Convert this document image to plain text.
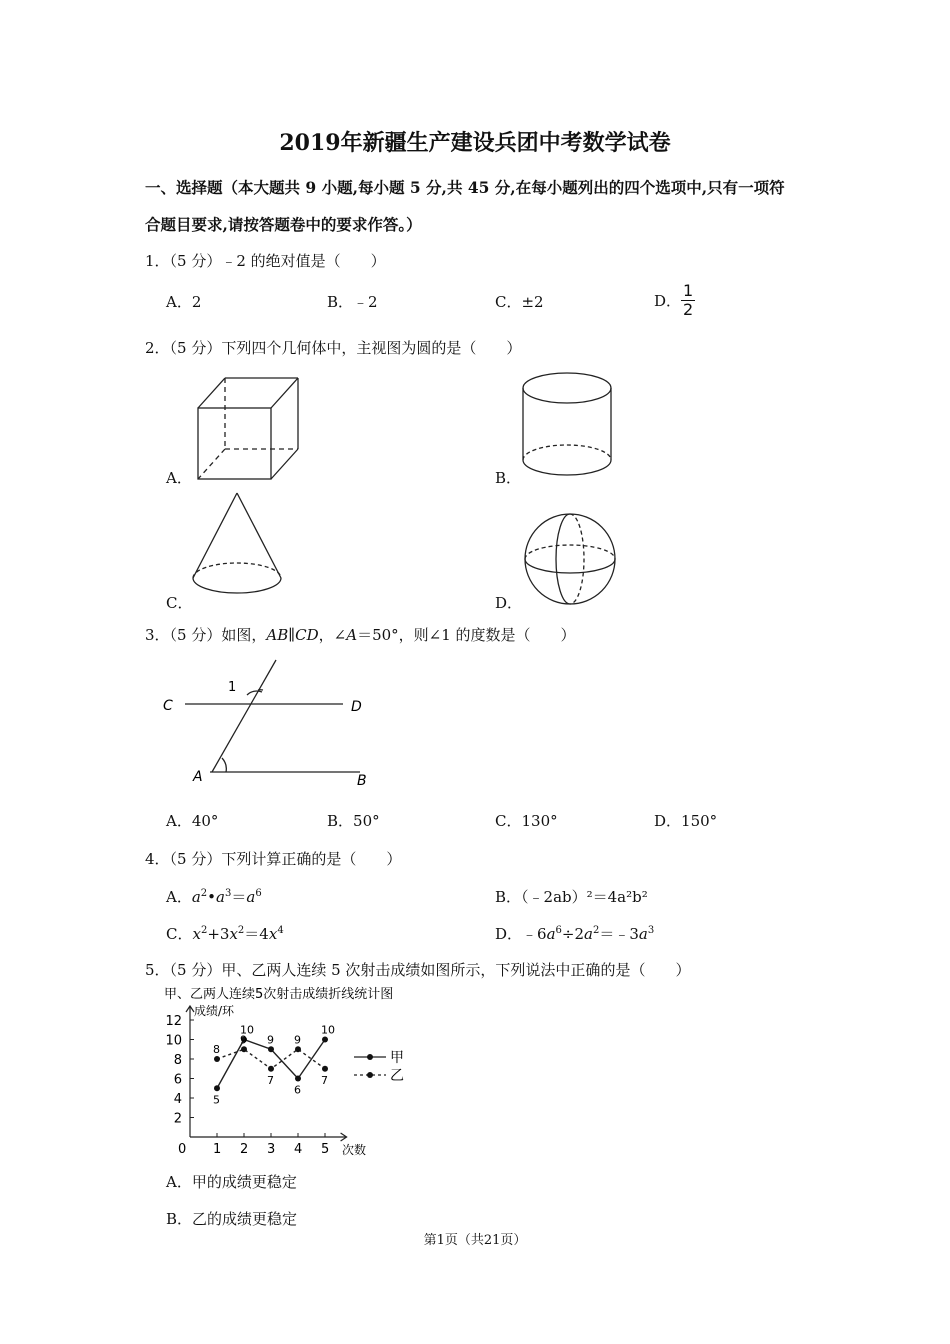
2019年新疆生产建设兵团中考数学试卷
一、选择题（本大题共 9 小题,每小题 5 分,共 45 分,在每小题列出的四个选项中,只有一项符
合题目要求,请按答题卷中的要求作答。）
1．（5 分）﹣2 的绝对值是（　　）
A．2	B．﹣2	C．±2	D． $\frac{1}{2}$
2．（5 分）下列四个几何体中，主视图为圆的是（　　）
A．	B．
C．	D．
3．（5 分）如图，AB∥CD，∠A＝50°，则∠1 的度数是（　　）
C	D
A	B
1
A．40°	B．50°	C．130°	D．150°
4．（5 分）下列计算正确的是（　　）
A．$a^2•a^3=a^6$	B．（﹣2ab）²＝4a²b²
C．$x^2+3x^2=4x^4$	D．$﹣6a^6\div 2a^2=﹣3a^3$
5．（5 分）甲、乙两人连续 5 次射击成绩如图所示，下列说法中正确的是（　　）
甲、乙两人连续5次射击成绩折线统计图
成绩/环
次数
0 1 2 3 4 5
2
4
6
8
10
12
5
10
9
6
10
8
9
7
9
7
甲
乙
A．甲的成绩更稳定
B．乙的成绩更稳定
第1页（共21页）
